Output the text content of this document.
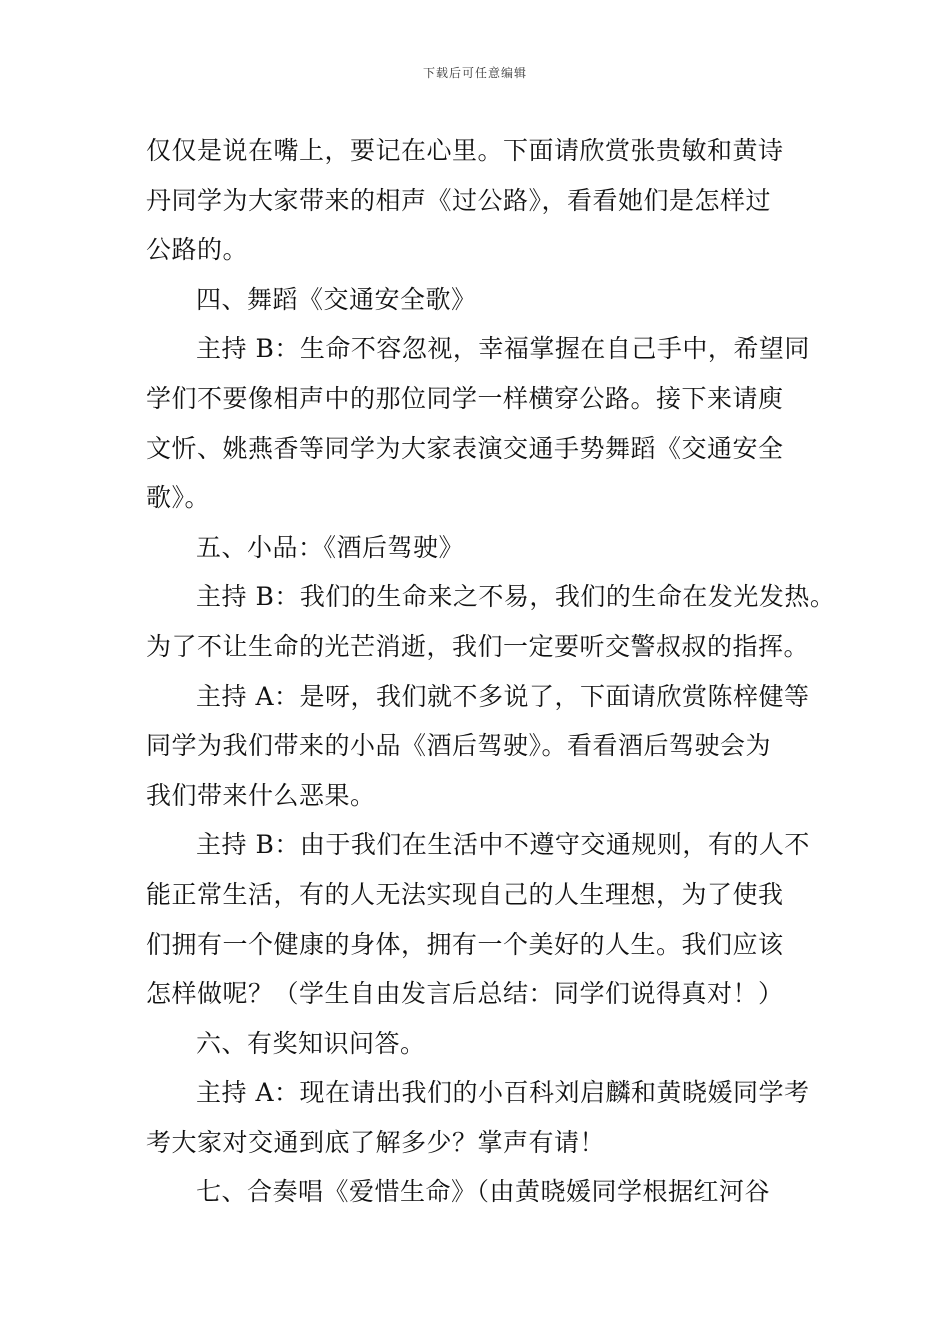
下载后可任意编辑
仅仅是说在嘴上，要记在心里。下面请欣赏张贵敏和黄诗
丹同学为大家带来的相声《过公路》，看看她们是怎样过
公路的。
四、舞蹈《交通安全歌》
主持 B：生命不容忽视，幸福掌握在自己手中，希望同
学们不要像相声中的那位同学一样横穿公路。接下来请庾
文忻、姚燕香等同学为大家表演交通手势舞蹈《交通安全
歌》。
五、小品：《酒后驾驶》
主持 B：我们的生命来之不易，我们的生命在发光发热。
为了不让生命的光芒消逝，我们一定要听交警叔叔的指挥。
主持 A：是呀，我们就不多说了，下面请欣赏陈梓健等
同学为我们带来的小品《酒后驾驶》。看看酒后驾驶会为
我们带来什么恶果。
主持 B：由于我们在生活中不遵守交通规则，有的人不
能正常生活，有的人无法实现自己的人生理想，为了使我
们拥有一个健康的身体，拥有一个美好的人生。我们应该
怎样做呢？（学生自由发言后总结：同学们说得真对！）
六、有奖知识问答。
主持 A：现在请出我们的小百科刘启麟和黄晓媛同学考
考大家对交通到底了解多少？掌声有请！
七、合奏唱《爱惜生命》（由黄晓媛同学根据红河谷
